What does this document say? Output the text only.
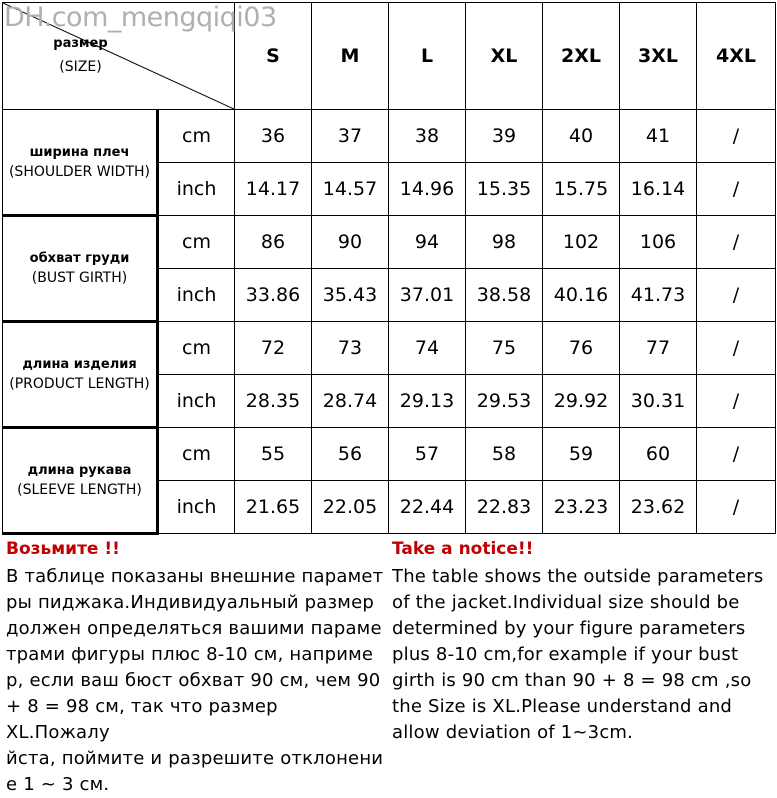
DH.com_mengqiqi03
размер
(SIZE)		S	M	L	XL	2XL	3XL	4XL

ширина плеч
(SHOULDER WIDTH)	cm	36	37	38	39	40	41	/
	inch	14.17	14.57	14.96	15.35	15.75	16.14	/

обхват груди
(BUST GIRTH)	cm	86	90	94	98	102	106	/
	inch	33.86	35.43	37.01	38.58	40.16	41.73	/

длина изделия
(PRODUCT LENGTH)	cm	72	73	74	75	76	77	/
	inch	28.35	28.74	29.13	29.53	29.92	30.31	/

длина рукава
(SLEEVE LENGTH)	cm	55	56	57	58	59	60	/
	inch	21.65	22.05	22.44	22.83	23.23	23.62	/
Возьмите !!
В таблице показаны внешние парамет
ры пиджака.Индивидуальный размер
должен определяться вашими параме
трами фигуры плюс 8-10 см, наприме
р, если ваш бюст обхват 90 см, чем 90
+ 8 = 98 см, так что размер XL.Пожалу
йста, поймите и разрешите отклонени
е 1 ~ 3 см.
Take a notice!!
The table shows the outside parameters
of the jacket.Individual size should be
determined by your figure parameters
plus 8-10 cm,for example if your bust
girth is 90 cm than 90 + 8 = 98 cm ,so
the Size is XL.Please understand and
allow deviation of 1~3cm.
